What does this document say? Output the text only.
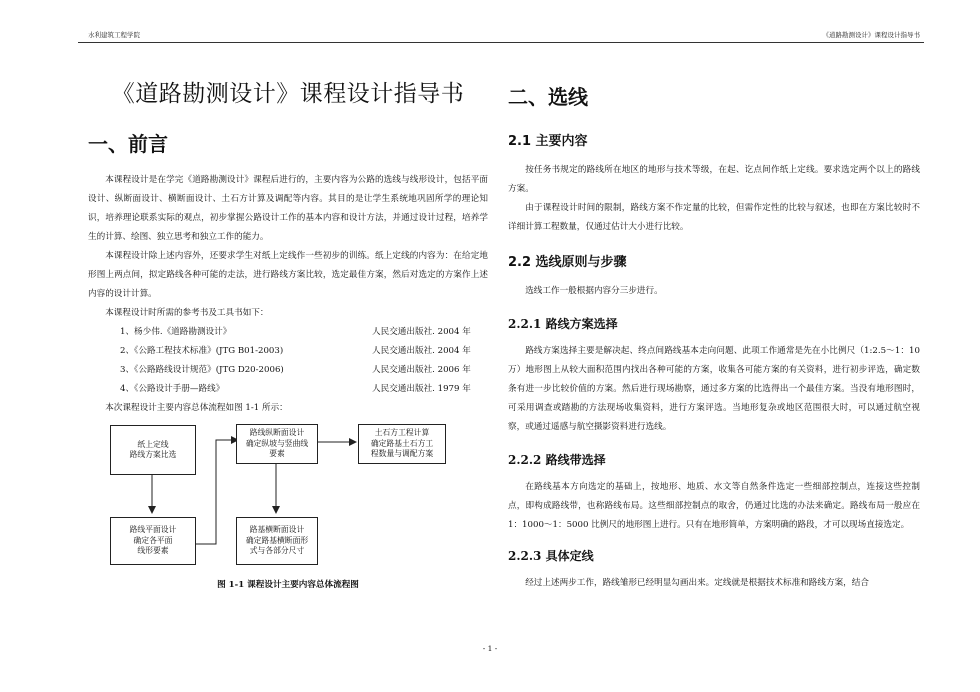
水利建筑工程学院	《道路勘测设计》课程设计指导书
《道路勘测设计》课程设计指导书
一、前言

本课程设计是在学完《道路勘测设计》课程后进行的，主要内容为公路的选线与线形设计，包括平面设计、纵断面设计、横断面设计、土石方计算及调配等内容。其目的是让学生系统地巩固所学的理论知识，培养理论联系实际的观点，初步掌握公路设计工作的基本内容和设计方法，并通过设计过程，培养学生的计算、绘图、独立思考和独立工作的能力。

本课程设计除上述内容外，还要求学生对纸上定线作一些初步的训练。纸上定线的内容为：在给定地形图上两点间，拟定路线各种可能的走法，进行路线方案比较，选定最佳方案，然后对选定的方案作上述内容的设计计算。

本课程设计时所需的参考书及工具书如下：

1、杨少伟.《道路勘测设计》	人民交通出版社. 2004 年
2、《公路工程技术标准》(JTG B01-2003)	人民交通出版社. 2004 年
3、《公路路线设计规范》(JTG D20-2006)	人民交通出版社. 2006 年
4、《公路设计手册—路线》	人民交通出版社. 1979 年

本次课程设计主要内容总体流程如图 1-1 所示：

纸上定线
路线方案比选
路线纵断面设计
确定纵坡与竖曲线
要素
土石方工程计算
确定路基土石方工
程数量与调配方案
路线平面设计
确定各平面
线形要素
路基横断面设计
确定路基横断面形
式与各部分尺寸
图 1-1 课程设计主要内容总体流程图
二、选线
2.1 主要内容

按任务书规定的路线所在地区的地形与技术等级，在起、讫点间作纸上定线。要求选定两个以上的路线方案。

由于课程设计时间的限制，路线方案不作定量的比较，但需作定性的比较与叙述，也即在方案比较时不详细计算工程数量，仅通过估计大小进行比较。

2.2 选线原则与步骤

选线工作一般根据内容分三步进行。

2.2.1 路线方案选择

路线方案选择主要是解决起、终点间路线基本走向问题、此项工作通常是先在小比例尺（1:2.5～1：10 万）地形图上从较大面积范围内找出各种可能的方案，收集各可能方案的有关资料，进行初步评选，确定数条有进一步比较价值的方案。然后进行现场勘察，通过多方案的比选得出一个最佳方案。当没有地形图时，可采用调查或踏勘的方法现场收集资料，进行方案评选。当地形复杂或地区范围很大时，可以通过航空视察，或通过遥感与航空摄影资料进行选线。

2.2.2 路线带选择

在路线基本方向选定的基础上，按地形、地质、水文等自然条件选定一些细部控制点，连接这些控制点，即构成路线带，也称路线布局。这些细部控制点的取舍，仍通过比选的办法来确定。路线布局一般应在 1：1000～1：5000 比例尺的地形图上进行。只有在地形简单，方案明确的路段，才可以现场直接选定。

2.2.3 具体定线

经过上述两步工作，路线雏形已经明显勾画出来。定线就是根据技术标准和路线方案，结合

- 1 -
